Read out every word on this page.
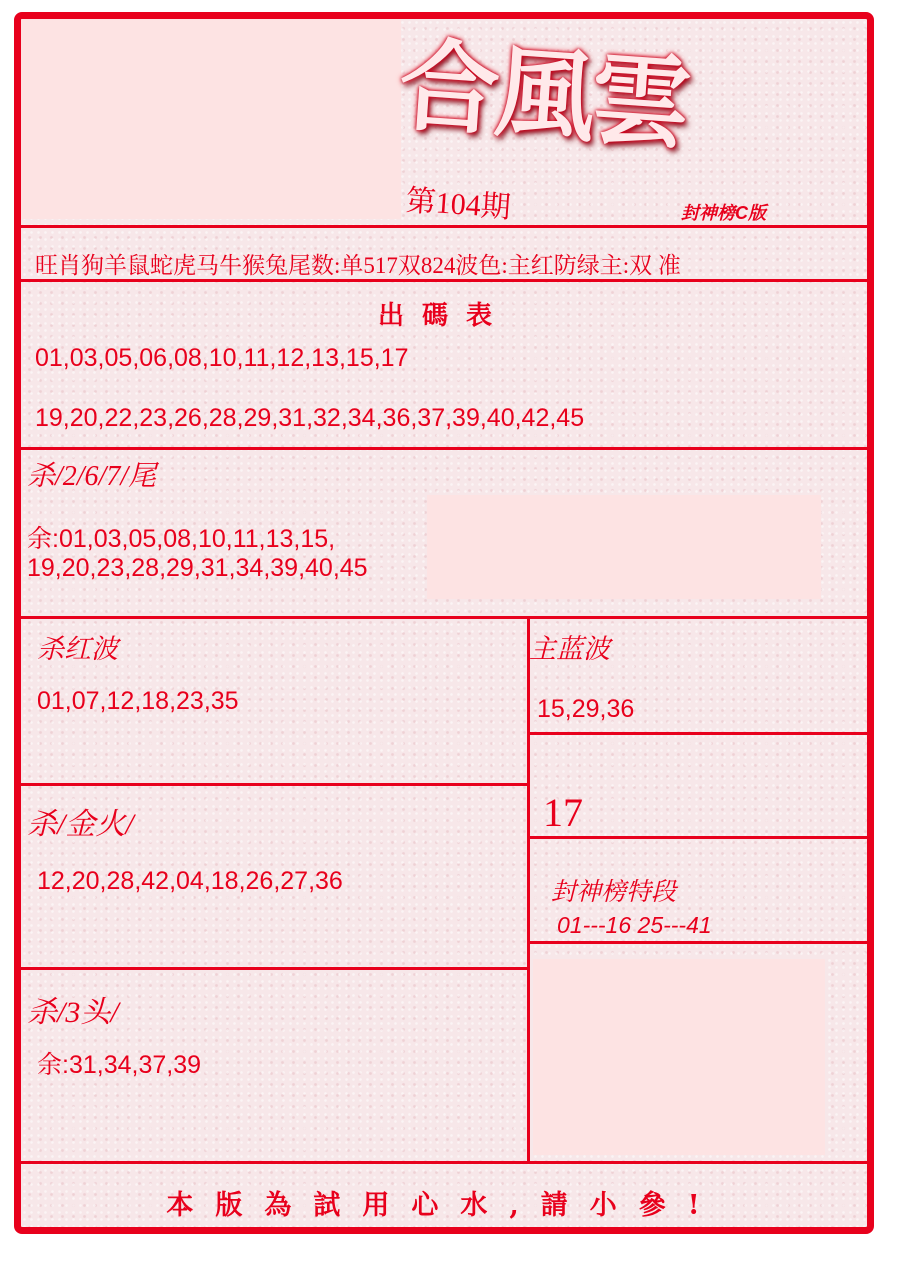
合風雲
第104期	封神榜C版
旺肖狗羊鼠蛇虎马牛猴兔尾数:单517双824波色:主红防绿主:双 准
出碼表
01,03,05,06,08,10,11,12,13,15,17
19,20,22,23,26,28,29,31,32,34,36,37,39,40,42,45
杀/2/6/7/尾
余:01,03,05,08,10,11,13,15,
19,20,23,28,29,31,34,39,40,45
杀红波
01,07,12,18,23,35
杀/金火/
12,20,28,42,04,18,26,27,36
杀/3头/
余:31,34,37,39
主蓝波
15,29,36
17
封神榜特段
01---16 25---41
本版為試用心水,請小參!
